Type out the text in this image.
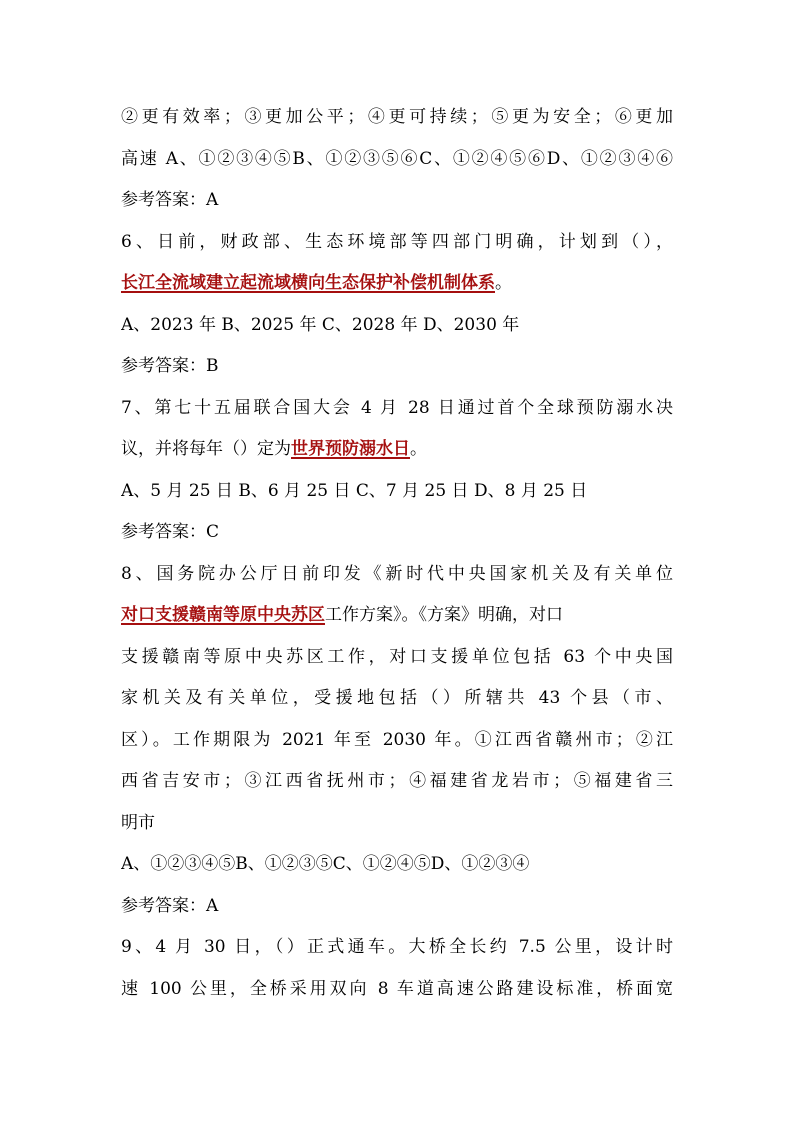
②更有效率；③更加公平；④更可持续；⑤更为安全；⑥更加
高速 A、①②③④⑤B、①②③⑤⑥C、①②④⑤⑥D、①②③④⑥
参考答案：A
6、日前，财政部、生态环境部等四部门明确，计划到（），
长江全流域建立起流域横向生态保护补偿机制体系。
A、2023 年 B、2025 年 C、2028 年 D、2030 年
参考答案：B
7、第七十五届联合国大会 4 月 28 日通过首个全球预防溺水决
议，并将每年（）定为世界预防溺水日。
A、5 月 25 日 B、6 月 25 日 C、7 月 25 日 D、8 月 25 日
参考答案：C
8、国务院办公厅日前印发《新时代中央国家机关及有关单位
对口支援赣南等原中央苏区工作方案》。《方案》明确，对口
支援赣南等原中央苏区工作，对口支援单位包括 63 个中央国
家机关及有关单位，受援地包括（）所辖共 43 个县（市、
区）。工作期限为 2021 年至 2030 年。①江西省赣州市；②江
西省吉安市；③江西省抚州市；④福建省龙岩市；⑤福建省三
明市
A、①②③④⑤B、①②③⑤C、①②④⑤D、①②③④
参考答案：A
9、4 月 30 日，（）正式通车。大桥全长约 7.5 公里，设计时
速 100 公里，全桥采用双向 8 车道高速公路建设标准，桥面宽
